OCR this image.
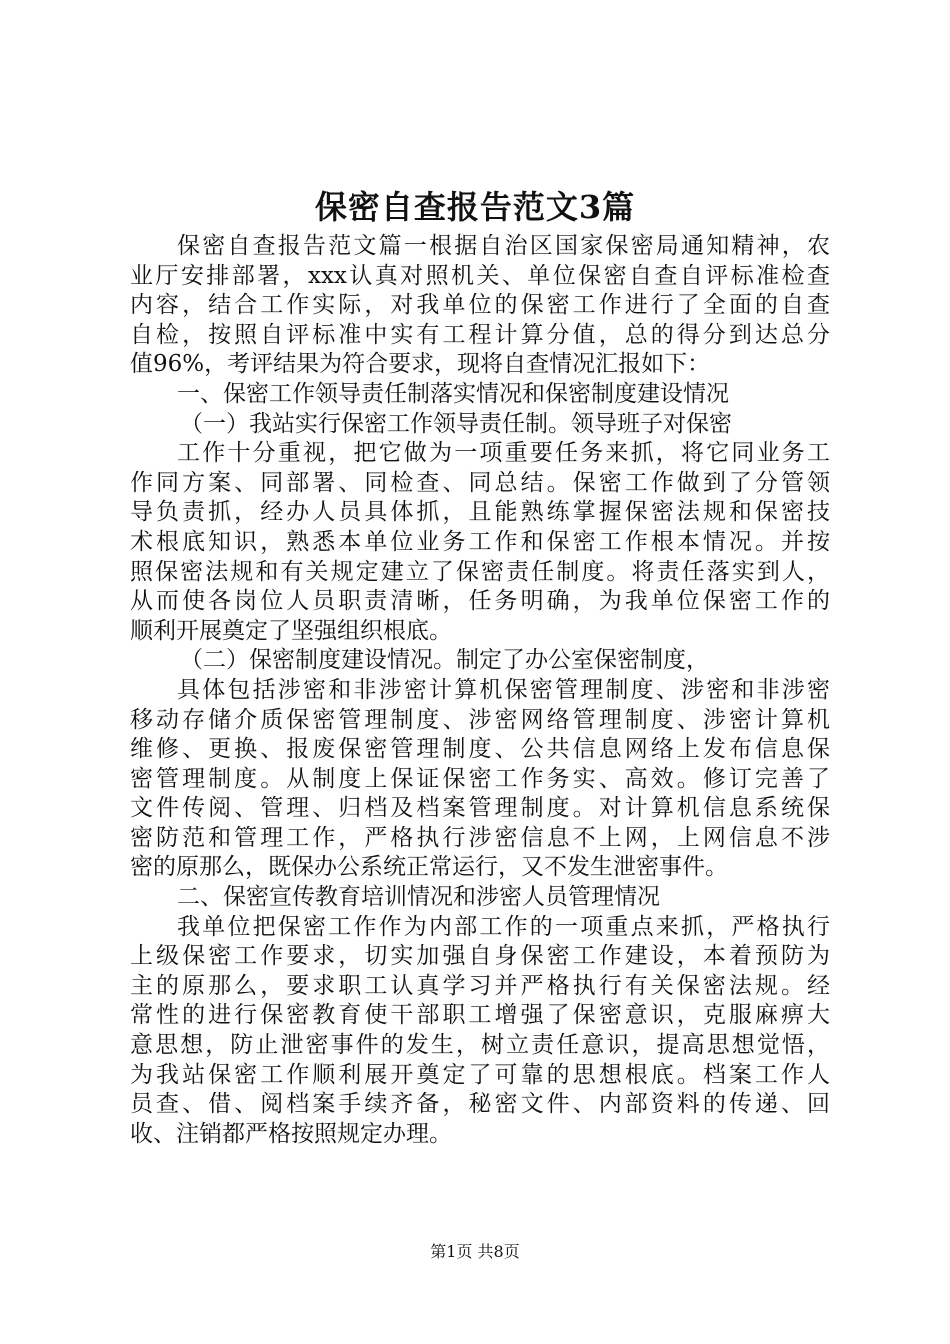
保密自查报告范文3篇
保密自查报告范文篇一根据自治区国家保密局通知精神，农
业厅安排部署，xxx认真对照机关、单位保密自查自评标准检查
内容，结合工作实际，对我单位的保密工作进行了全面的自查
自检，按照自评标准中实有工程计算分值，总的得分到达总分
值96%，考评结果为符合要求，现将自查情况汇报如下：
一、保密工作领导责任制落实情况和保密制度建设情况
（一）我站实行保密工作领导责任制。领导班子对保密
工作十分重视，把它做为一项重要任务来抓，将它同业务工
作同方案、同部署、同检查、同总结。保密工作做到了分管领
导负责抓，经办人员具体抓，且能熟练掌握保密法规和保密技
术根底知识，熟悉本单位业务工作和保密工作根本情况。并按
照保密法规和有关规定建立了保密责任制度。将责任落实到人，
从而使各岗位人员职责清晰，任务明确，为我单位保密工作的
顺利开展奠定了坚强组织根底。
（二）保密制度建设情况。制定了办公室保密制度，
具体包括涉密和非涉密计算机保密管理制度、涉密和非涉密
移动存储介质保密管理制度、涉密网络管理制度、涉密计算机
维修、更换、报废保密管理制度、公共信息网络上发布信息保
密管理制度。从制度上保证保密工作务实、高效。修订完善了
文件传阅、管理、归档及档案管理制度。对计算机信息系统保
密防范和管理工作，严格执行涉密信息不上网，上网信息不涉
密的原那么，既保办公系统正常运行，又不发生泄密事件。
二、保密宣传教育培训情况和涉密人员管理情况
我单位把保密工作作为内部工作的一项重点来抓，严格执行
上级保密工作要求，切实加强自身保密工作建设，本着预防为
主的原那么，要求职工认真学习并严格执行有关保密法规。经
常性的进行保密教育使干部职工增强了保密意识，克服麻痹大
意思想，防止泄密事件的发生，树立责任意识，提高思想觉悟，
为我站保密工作顺利展开奠定了可靠的思想根底。档案工作人
员查、借、阅档案手续齐备，秘密文件、内部资料的传递、回
收、注销都严格按照规定办理。
第1页 共8页
